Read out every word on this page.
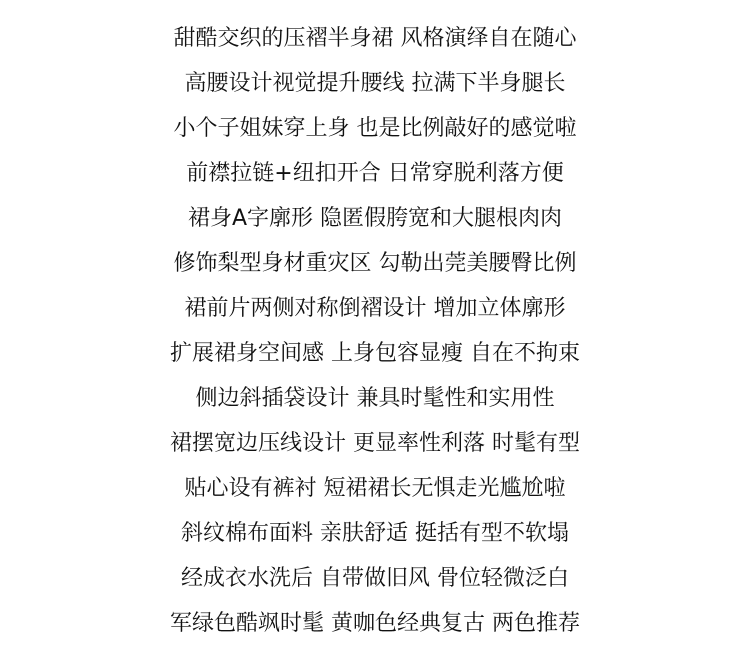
甜酷交织的压褶半身裙 风格演绎自在随心
高腰设计视觉提升腰线 拉满下半身腿长
小个子姐妹穿上身 也是比例敲好的感觉啦
前襟拉链+纽扣开合 日常穿脱利落方便
裙身A字廓形 隐匿假胯宽和大腿根肉肉
修饰梨型身材重灾区 勾勒出莞美腰臀比例
裙前片两侧对称倒褶设计 增加立体廓形
扩展裙身空间感 上身包容显瘦 自在不拘束
侧边斜插袋设计 兼具时髦性和实用性
裙摆宽边压线设计 更显率性利落 时髦有型
贴心设有裤衬 短裙裙长无惧走光尴尬啦
斜纹棉布面料 亲肤舒适 挺括有型不软塌
经成衣水洗后 自带做旧风 骨位轻微泛白
军绿色酷飒时髦 黄咖色经典复古 两色推荐
